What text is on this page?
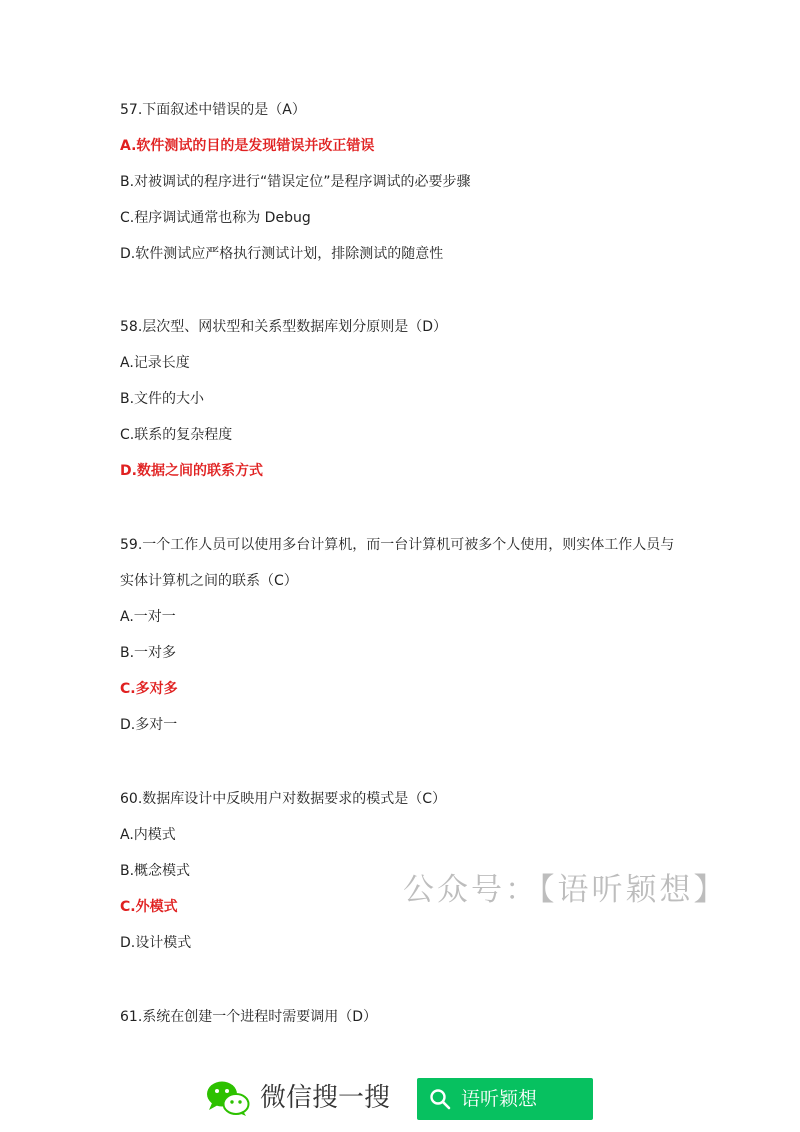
57.下面叙述中错误的是（A）
A.软件测试的目的是发现错误并改正错误
B.对被调试的程序进行“错误定位”是程序调试的必要步骤
C.程序调试通常也称为 Debug
D.软件测试应严格执行测试计划，排除测试的随意性
58.层次型、网状型和关系型数据库划分原则是（D）
A.记录长度
B.文件的大小
C.联系的复杂程度
D.数据之间的联系方式
59.一个工作人员可以使用多台计算机，而一台计算机可被多个人使用，则实体工作人员与
实体计算机之间的联系（C）
A.一对一
B.一对多
C.多对多
D.多对一
60.数据库设计中反映用户对数据要求的模式是（C）
A.内模式
B.概念模式
C.外模式
D.设计模式
61.系统在创建一个进程时需要调用（D）
公众号：【语听颖想】
微信搜一搜	语听颖想
